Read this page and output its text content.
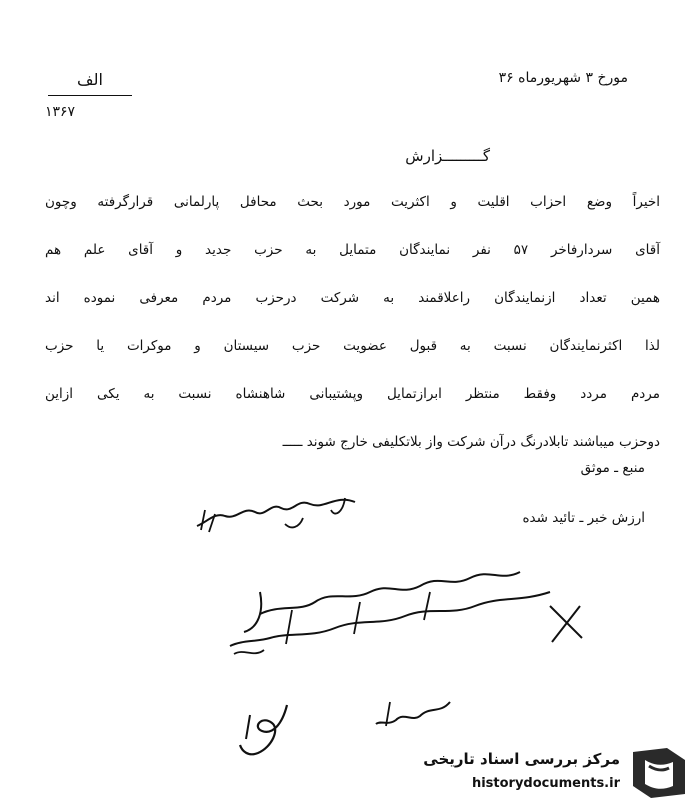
الف
۱۳۶۷
مورخ ۳ شهریورماه ۳۶
گـــــــــزارش
اخیراً وضع احزاب اقلیت و اکثریت مورد بحث محافل پارلمانی قرارگرفته وچون
آقای سردارفاخر ۵۷ نفر نمایندگان متمایل به حزب جدید و آقای علم هم
همین تعداد ازنمایندگان راعلاقمند به شرکت درحزب مردم معرفی نموده اند
لذا اکثرنمایندگان نسبت به قبول عضویت حزب سیستان و موکرات یا حزب
مردم مردد وفقط منتظر ابرازتمایل وپشتیبانی شاهنشاه نسبت به یکی ازاین
دوحزب میباشند تابلادرنگ درآن شرکت واز بلاتکلیفی خارج شوند ـــــ
منبع ـ موثق
ارزش خبر ـ تائید شده
مرکز بررسی اسناد تاریخی
historydocuments.ir
